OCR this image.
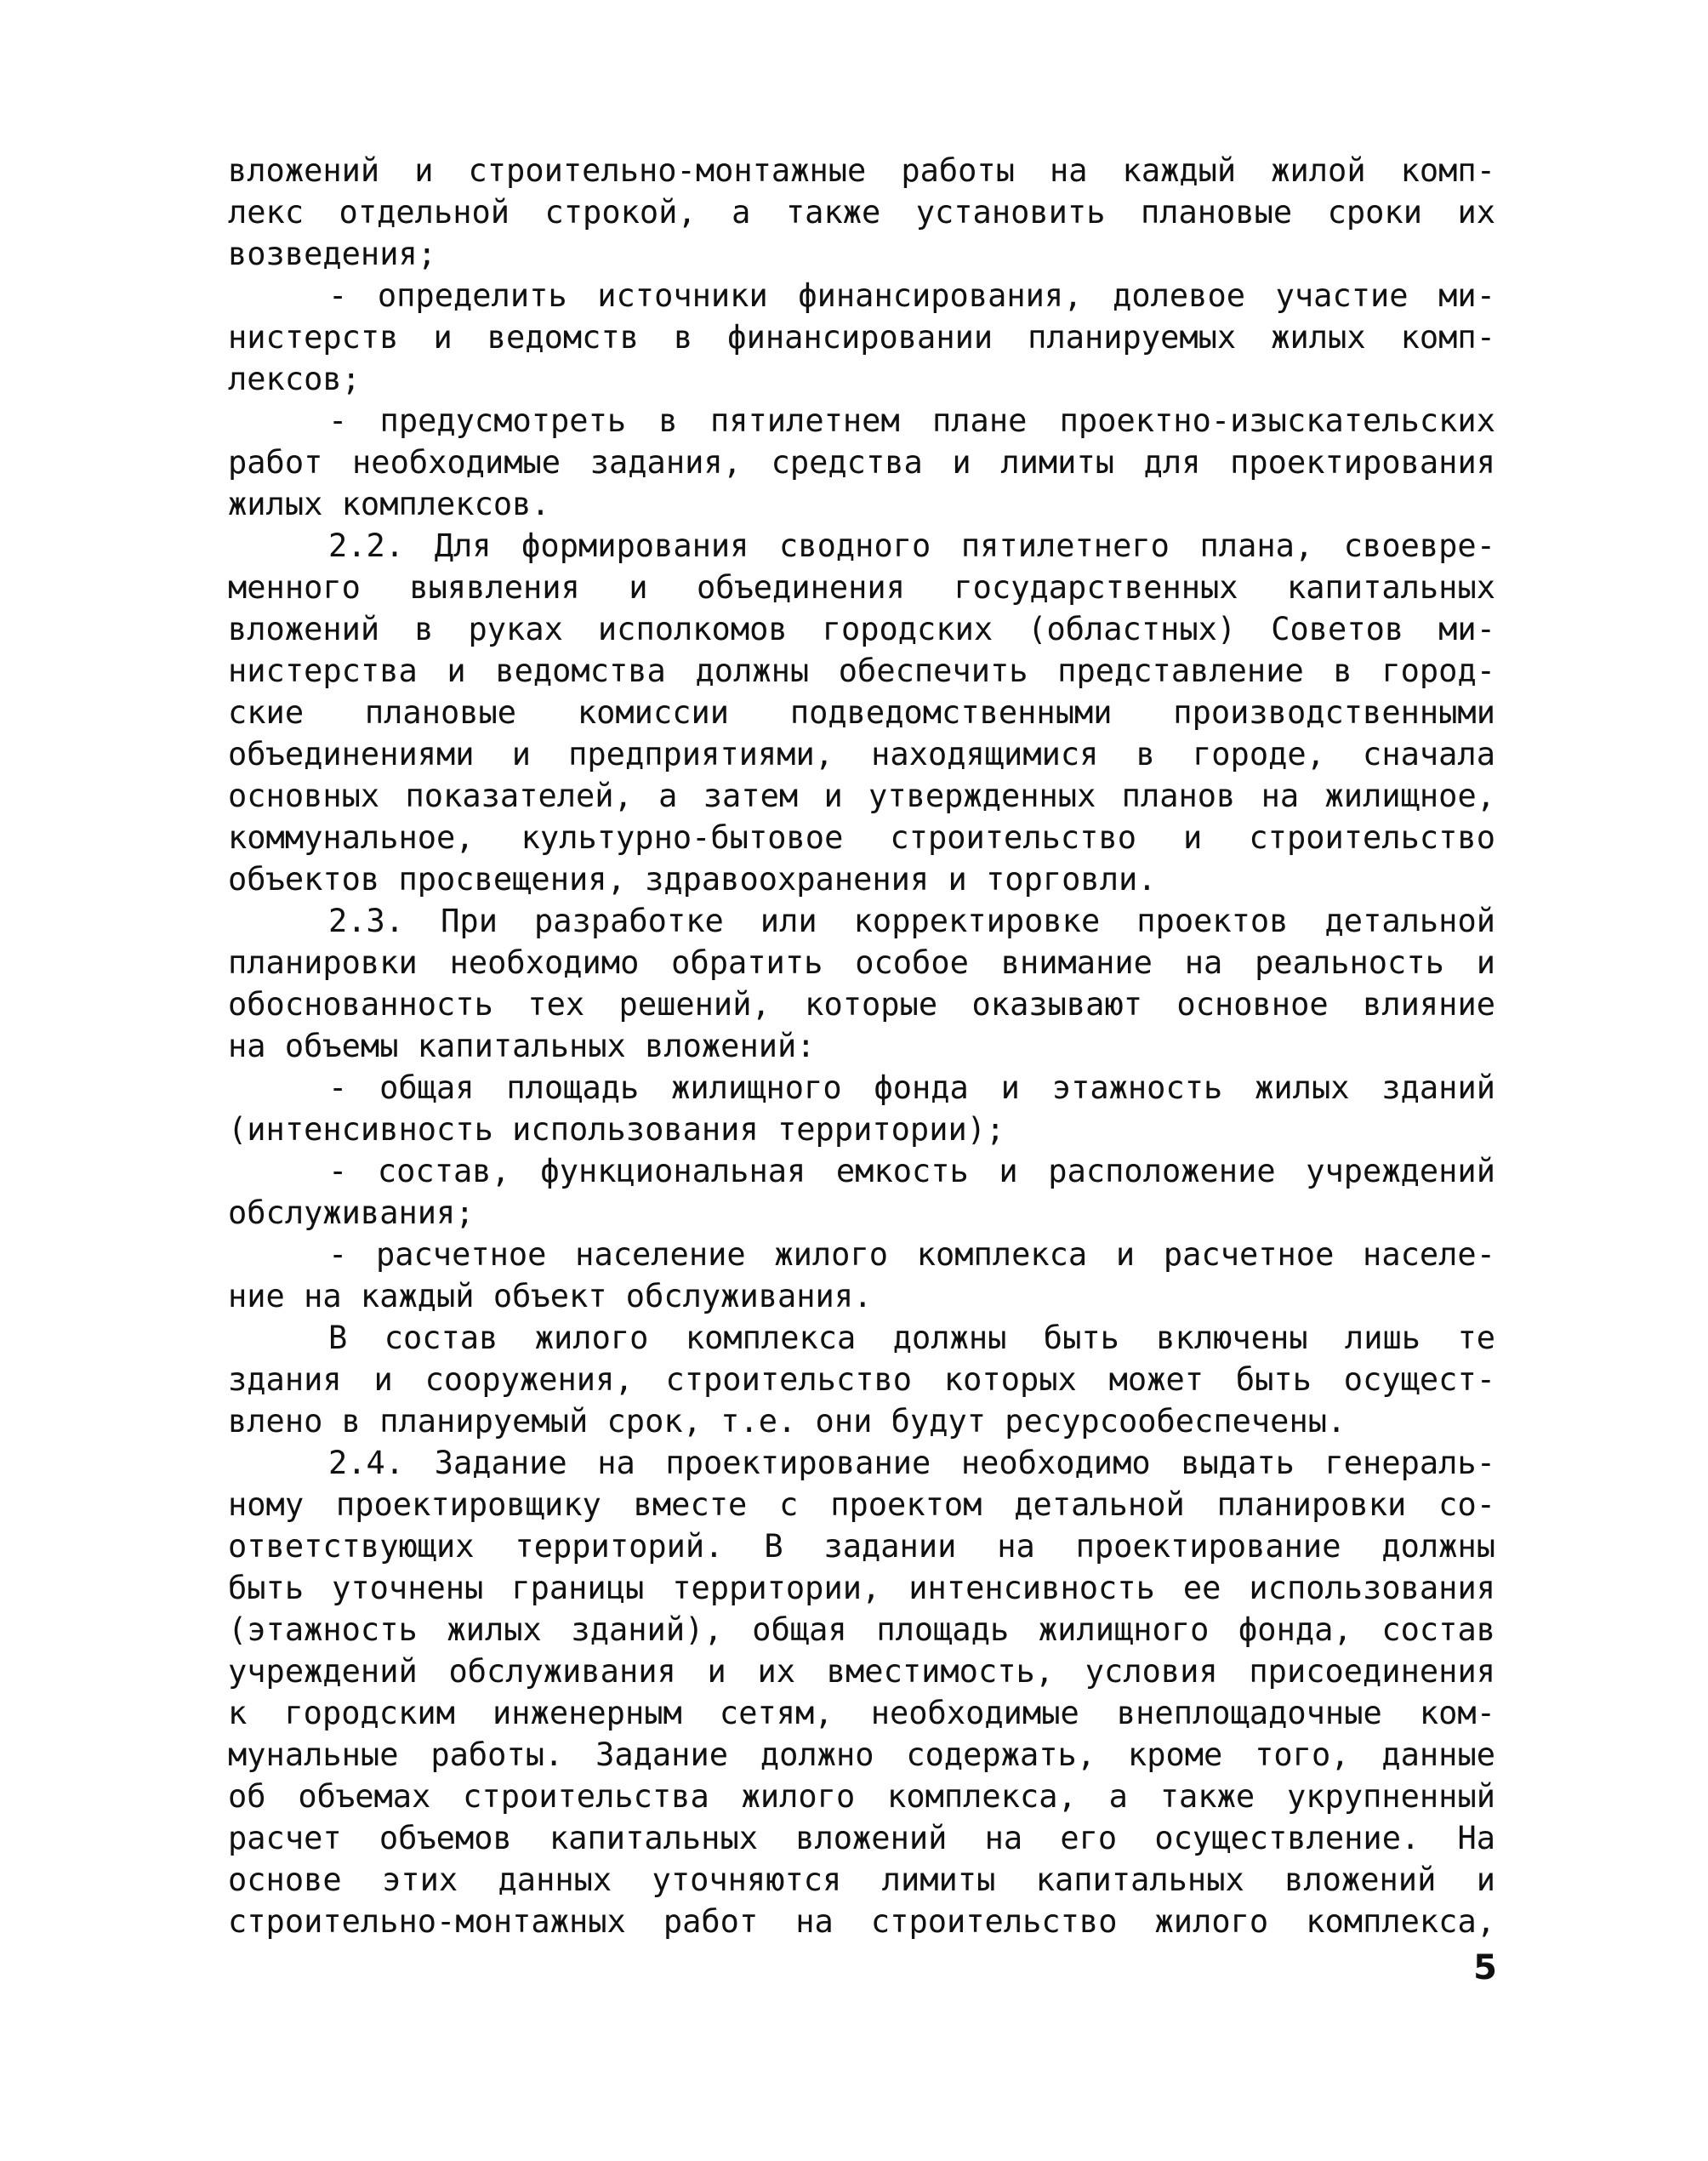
вложений и строительно-монтажные работы на каждый жилой комп-
лекс отдельной строкой, а также установить плановые сроки их
возведения;
- определить источники финансирования, долевое участие ми-
нистерств и ведомств в финансировании планируемых жилых комп-
лексов;
- предусмотреть в пятилетнем плане проектно-изыскательских
работ необходимые задания, средства и лимиты для проектирования
жилых комплексов.
2.2. Для формирования сводного пятилетнего плана, своевре-
менного выявления и объединения государственных капитальных
вложений в руках исполкомов городских (областных) Советов ми-
нистерства и ведомства должны обеспечить представление в город-
ские плановые комиссии подведомственными производственными
объединениями и предприятиями, находящимися в городе, сначала
основных показателей, а затем и утвержденных планов на жилищное,
коммунальное, культурно-бытовое строительство и строительство
объектов просвещения, здравоохранения и торговли.
2.3. При разработке или корректировке проектов детальной
планировки необходимо обратить особое внимание на реальность и
обоснованность тех решений, которые оказывают основное влияние
на объемы капитальных вложений:
- общая площадь жилищного фонда и этажность жилых зданий
(интенсивность использования территории);
- состав, функциональная емкость и расположение учреждений
обслуживания;
- расчетное население жилого комплекса и расчетное населе-
ние на каждый объект обслуживания.
В состав жилого комплекса должны быть включены лишь те
здания и сооружения, строительство которых может быть осущест-
влено в планируемый срок, т.е. они будут ресурсообеспечены.
2.4. Задание на проектирование необходимо выдать генераль-
ному проектировщику вместе с проектом детальной планировки со-
ответствующих территорий. В задании на проектирование должны
быть уточнены границы территории, интенсивность ее использования
(этажность жилых зданий), общая площадь жилищного фонда, состав
учреждений обслуживания и их вместимость, условия присоединения
к городским инженерным сетям, необходимые внеплощадочные ком-
мунальные работы. Задание должно содержать, кроме того, данные
об объемах строительства жилого комплекса, а также укрупненный
расчет объемов капитальных вложений на его осуществление. На
основе этих данных уточняются лимиты капитальных вложений и
строительно-монтажных работ на строительство жилого комплекса,
5
